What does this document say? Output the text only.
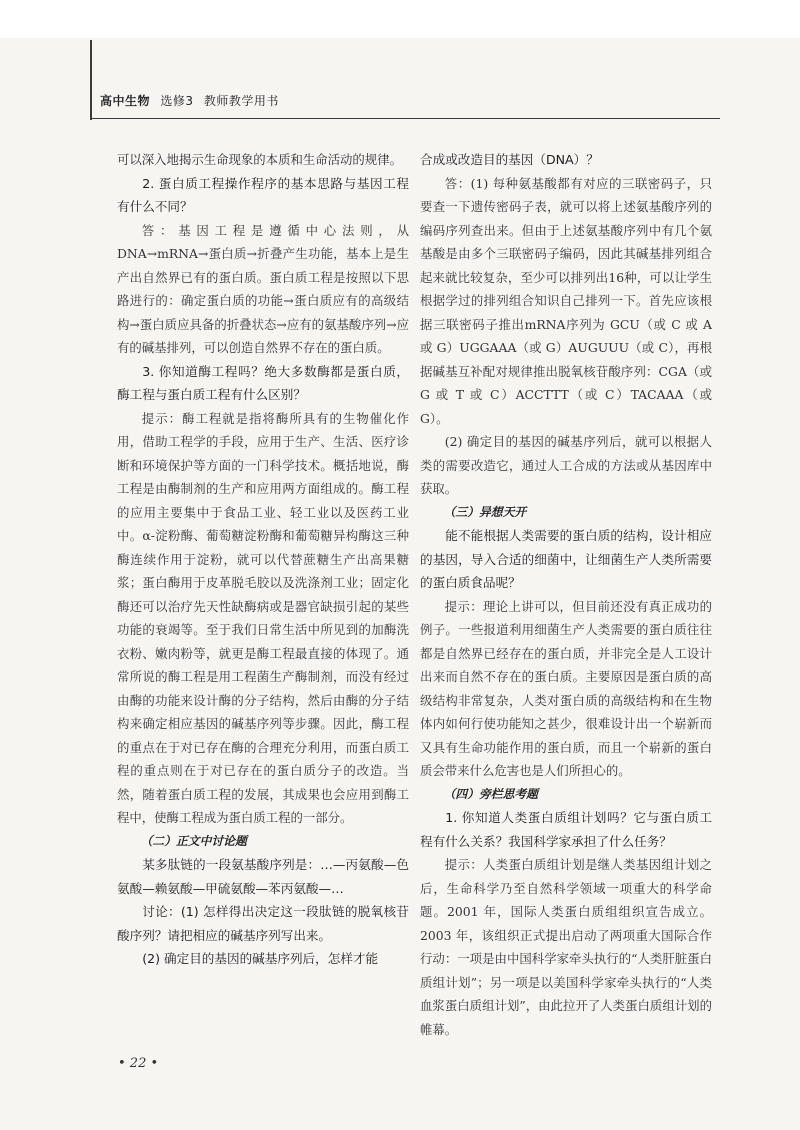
高中生物 选修3 教师教学用书

可以深入地揭示生命现象的本质和生命活动的规律。

2. 蛋白质工程操作程序的基本思路与基因工程有什么不同？

答：基因工程是遵循中心法则，从 DNA→mRNA→蛋白质→折叠产生功能，基本上是生产出自然界已有的蛋白质。蛋白质工程是按照以下思路进行的：确定蛋白质的功能→蛋白质应有的高级结构→蛋白质应具备的折叠状态→应有的氨基酸序列→应有的碱基排列，可以创造自然界不存在的蛋白质。

3. 你知道酶工程吗？绝大多数酶都是蛋白质，酶工程与蛋白质工程有什么区别？

提示：酶工程就是指将酶所具有的生物催化作用，借助工程学的手段，应用于生产、生活、医疗诊断和环境保护等方面的一门科学技术。概括地说，酶工程是由酶制剂的生产和应用两方面组成的。酶工程的应用主要集中于食品工业、轻工业以及医药工业中。α-淀粉酶、葡萄糖淀粉酶和葡萄糖异构酶这三种酶连续作用于淀粉，就可以代替蔗糖生产出高果糖浆；蛋白酶用于皮革脱毛胶以及洗涤剂工业；固定化酶还可以治疗先天性缺酶病或是器官缺损引起的某些功能的衰竭等。至于我们日常生活中所见到的加酶洗衣粉、嫩肉粉等，就更是酶工程最直接的体现了。通常所说的酶工程是用工程菌生产酶制剂，而没有经过由酶的功能来设计酶的分子结构，然后由酶的分子结构来确定相应基因的碱基序列等步骤。因此，酶工程的重点在于对已存在酶的合理充分利用，而蛋白质工程的重点则在于对已存在的蛋白质分子的改造。当然，随着蛋白质工程的发展，其成果也会应用到酶工程中，使酶工程成为蛋白质工程的一部分。

（二）正文中讨论题

某多肽链的一段氨基酸序列是：…—丙氨酸—色氨酸—赖氨酸—甲硫氨酸—苯丙氨酸—…

讨论：(1) 怎样得出决定这一段肽链的脱氧核苷酸序列？请把相应的碱基序列写出来。

(2) 确定目的基因的碱基序列后，怎样才能

合成或改造目的基因（DNA）？

答：(1) 每种氨基酸都有对应的三联密码子，只要查一下遗传密码子表，就可以将上述氨基酸序列的编码序列查出来。但由于上述氨基酸序列中有几个氨基酸是由多个三联密码子编码，因此其碱基排列组合起来就比较复杂，至少可以排列出16种，可以让学生根据学过的排列组合知识自己排列一下。首先应该根据三联密码子推出mRNA序列为 GCU（或 C 或 A 或 G）UGGAAA（或 G）AUGUUU（或 C），再根据碱基互补配对规律推出脱氧核苷酸序列：CGA（或 G 或 T 或 C）ACCTTT（或 C）TACAAA（或 G）。

(2) 确定目的基因的碱基序列后，就可以根据人类的需要改造它，通过人工合成的方法或从基因库中获取。

（三）异想天开

能不能根据人类需要的蛋白质的结构，设计相应的基因，导入合适的细菌中，让细菌生产人类所需要的蛋白质食品呢？

提示：理论上讲可以，但目前还没有真正成功的例子。一些报道利用细菌生产人类需要的蛋白质往往都是自然界已经存在的蛋白质，并非完全是人工设计出来而自然不存在的蛋白质。主要原因是蛋白质的高级结构非常复杂，人类对蛋白质的高级结构和在生物体内如何行使功能知之甚少，很难设计出一个崭新而又具有生命功能作用的蛋白质，而且一个崭新的蛋白质会带来什么危害也是人们所担心的。

（四）旁栏思考题

1. 你知道人类蛋白质组计划吗？它与蛋白质工程有什么关系？我国科学家承担了什么任务？

提示：人类蛋白质组计划是继人类基因组计划之后，生命科学乃至自然科学领域一项重大的科学命题。2001 年，国际人类蛋白质组组织宣告成立。2003 年，该组织正式提出启动了两项重大国际合作行动：一项是由中国科学家牵头执行的“人类肝脏蛋白质组计划”；另一项是以美国科学家牵头执行的“人类血浆蛋白质组计划”，由此拉开了人类蛋白质组计划的帷幕。

• 22 •
